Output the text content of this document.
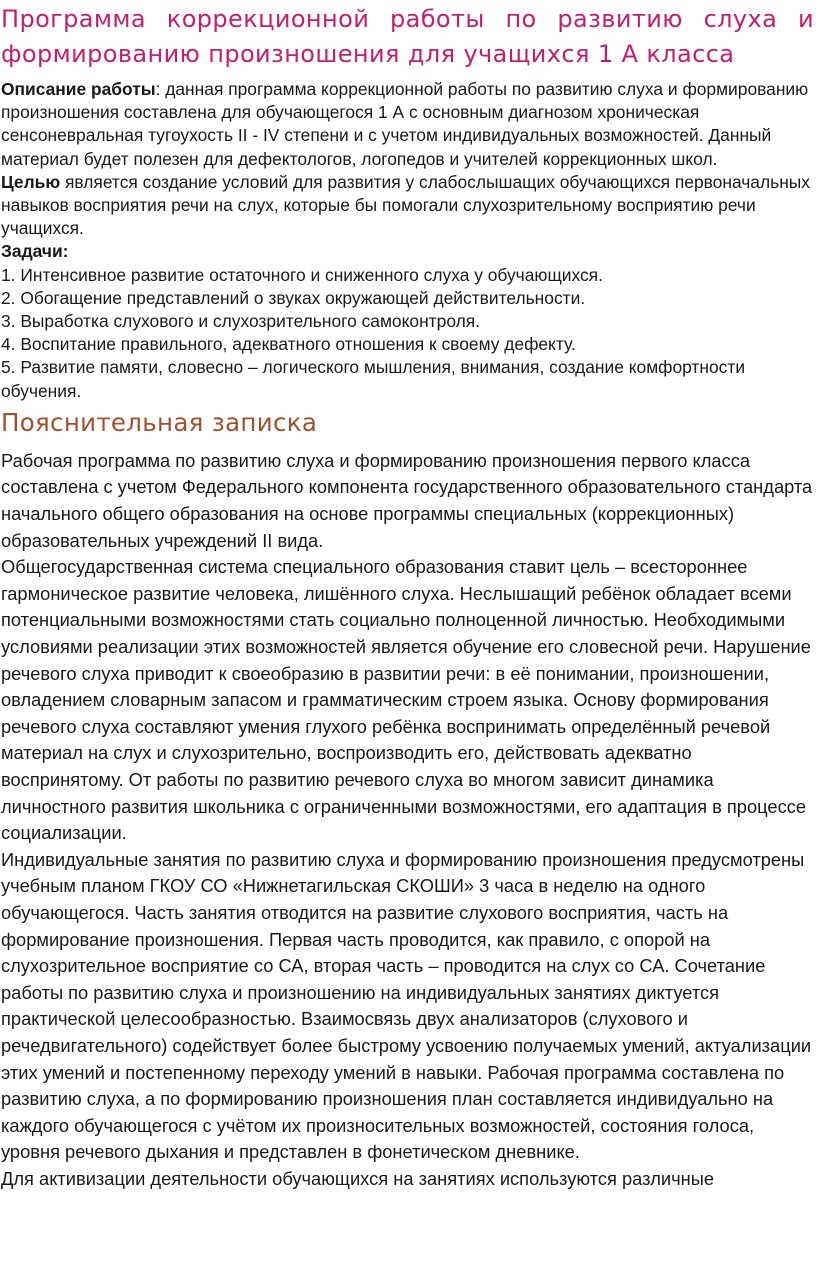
Программа коррекционной работы по развитию слуха и формированию произношения для учащихся 1 А класса

Описание работы: данная программа коррекционной работы по развитию слуха и формированию произношения составлена для обучающегося 1 А с основным диагнозом хроническая сенсоневральная тугоухость II - IV степени и с учетом индивидуальных возможностей. Данный материал будет полезен для дефектологов, логопедов и учителей коррекционных школ.

Целью является создание условий для развития у слабослышащих обучающихся первоначальных навыков восприятия речи на слух, которые бы помогали слухозрительному восприятию речи учащихся.

Задачи:

1. Интенсивное развитие остаточного и сниженного слуха у обучающихся.

2. Обогащение представлений о звуках окружающей действительности.

3. Выработка слухового и слухозрительного самоконтроля.

4. Воспитание правильного, адекватного отношения к своему дефекту.

5. Развитие памяти, словесно – логического мышления, внимания, создание комфортности обучения.

Пояснительная записка

Рабочая программа по развитию слуха и формированию произношения первого класса составлена с учетом Федерального компонента государственного образовательного стандарта начального общего образования на основе программы специальных (коррекционных) образовательных учреждений II вида.

Общегосударственная система специального образования ставит цель – всестороннее гармоническое развитие человека, лишённого слуха. Неслышащий ребёнок обладает всеми потенциальными возможностями стать социально полноценной личностью. Необходимыми условиями реализации этих возможностей является обучение его словесной речи. Нарушение речевого слуха приводит к своеобразию в развитии речи: в её понимании, произношении, овладением словарным запасом и грамматическим строем языка. Основу формирования речевого слуха составляют умения глухого ребёнка воспринимать определённый речевой материал на слух и слухозрительно, воспроизводить его, действовать адекватно воспринятому. От работы по развитию речевого слуха во многом зависит динамика личностного развития школьника с ограниченными возможностями, его адаптация в процессе социализации.

Индивидуальные занятия по развитию слуха и формированию произношения предусмотрены учебным планом ГКОУ СО «Нижнетагильская СКОШИ» 3 часа в неделю на одного обучающегося. Часть занятия отводится на развитие слухового восприятия, часть на формирование произношения. Первая часть проводится, как правило, с опорой на слухозрительное восприятие со СА, вторая часть – проводится на слух со СА. Сочетание работы по развитию слуха и произношению на индивидуальных занятиях диктуется практической целесообразностью. Взаимосвязь двух анализаторов (слухового и речедвигательного) содействует более быстрому усвоению получаемых умений, актуализации этих умений и постепенному переходу умений в навыки. Рабочая программа составлена по развитию слуха, а по формированию произношения план составляется индивидуально на каждого обучающегося с учётом их произносительных возможностей, состояния голоса, уровня речевого дыхания и представлен в фонетическом дневнике.

Для активизации деятельности обучающихся на занятиях используются различные
